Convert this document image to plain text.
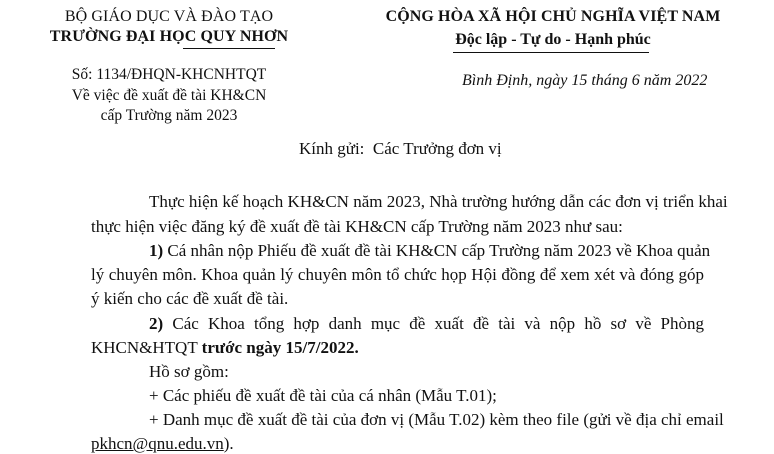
BỘ GIÁO DỤC VÀ ĐÀO TẠO
TRƯỜNG ĐẠI HỌC QUY NHƠN
CỘNG HÒA XÃ HỘI CHỦ NGHĨA VIỆT NAM
Độc lập - Tự do - Hạnh phúc
Số: 1134/ĐHQN-KHCNHTQT
Về việc đề xuất đề tài KH&CN
cấp Trường năm 2023
Bình Định, ngày 15 tháng 6 năm 2022
Kính gửi: Các Trưởng đơn vị
Thực hiện kế hoạch KH&CN năm 2023, Nhà trường hướng dẫn các đơn vị triển khai
thực hiện việc đăng ký đề xuất đề tài KH&CN cấp Trường năm 2023 như sau:
1) Cá nhân nộp Phiếu đề xuất đề tài KH&CN cấp Trường năm 2023 về Khoa quản
lý chuyên môn. Khoa quản lý chuyên môn tổ chức họp Hội đồng để xem xét và đóng góp
ý kiến cho các đề xuất đề tài.
2) Các Khoa tổng hợp danh mục đề xuất đề tài và nộp hồ sơ về Phòng
KHCN&HTQT trước ngày 15/7/2022.
Hồ sơ gồm:
+ Các phiếu đề xuất đề tài của cá nhân (Mẫu T.01);
+ Danh mục đề xuất đề tài của đơn vị (Mẫu T.02) kèm theo file (gửi về địa chỉ email
pkhcn@qnu.edu.vn).
